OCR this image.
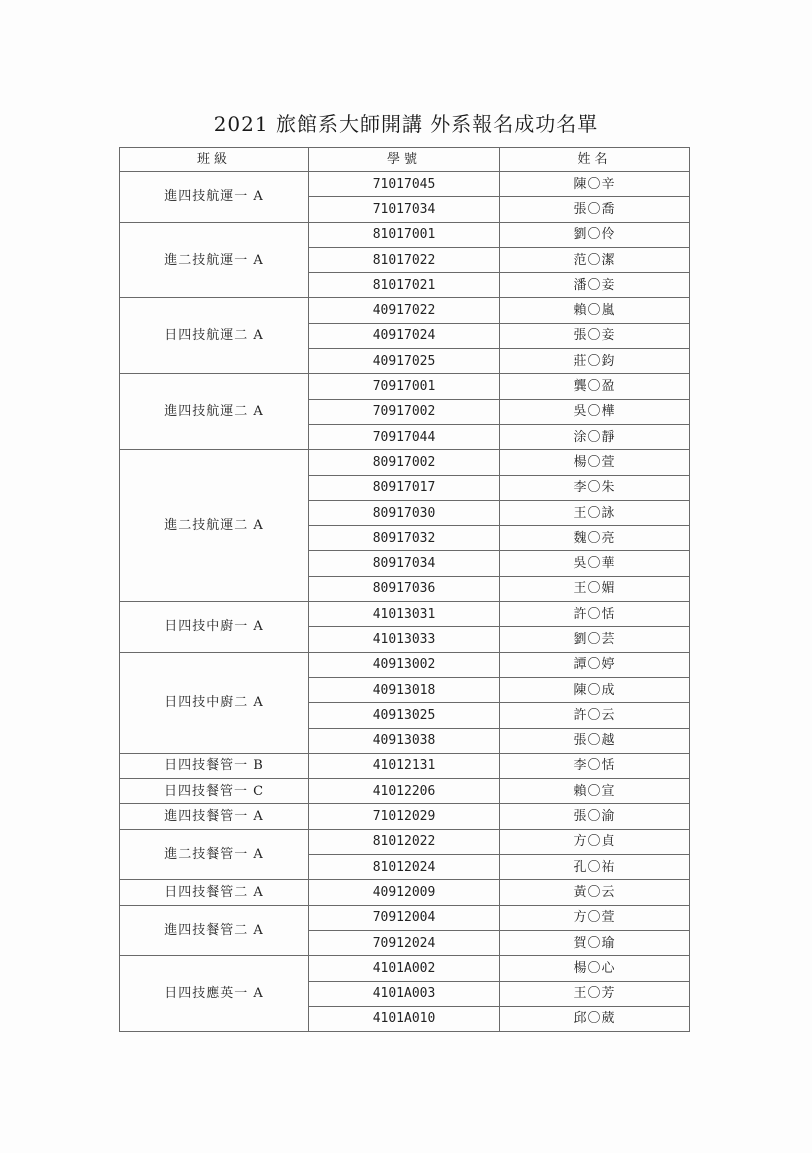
2021 旅館系大師開講 外系報名成功名單
班級	學號	姓名
進四技航運一 A	71017045	陳〇辛
	71017034	張〇喬
進二技航運一 A	81017001	劉〇伶
	81017022	范〇潔
	81017021	潘〇妾
日四技航運二 A	40917022	賴〇嵐
	40917024	張〇妾
	40917025	莊〇鈞
進四技航運二 A	70917001	龔〇盈
	70917002	吳〇樺
	70917044	涂〇靜
進二技航運二 A	80917002	楊〇萱
	80917017	李〇朱
	80917030	王〇詠
	80917032	魏〇亮
	80917034	吳〇華
	80917036	王〇媚
日四技中廚一 A	41013031	許〇恬
	41013033	劉〇芸
日四技中廚二 A	40913002	譚〇婷
	40913018	陳〇成
	40913025	許〇云
	40913038	張〇越
日四技餐管一 B	41012131	李〇恬
日四技餐管一 C	41012206	賴〇宣
進四技餐管一 A	71012029	張〇渝
進二技餐管一 A	81012022	方〇貞
	81012024	孔〇祐
日四技餐管二 A	40912009	黃〇云
進四技餐管二 A	70912004	方〇萱
	70912024	賀〇瑜
日四技應英一 A	4101A002	楊〇心
	4101A003	王〇芳
	4101A010	邱〇葳
